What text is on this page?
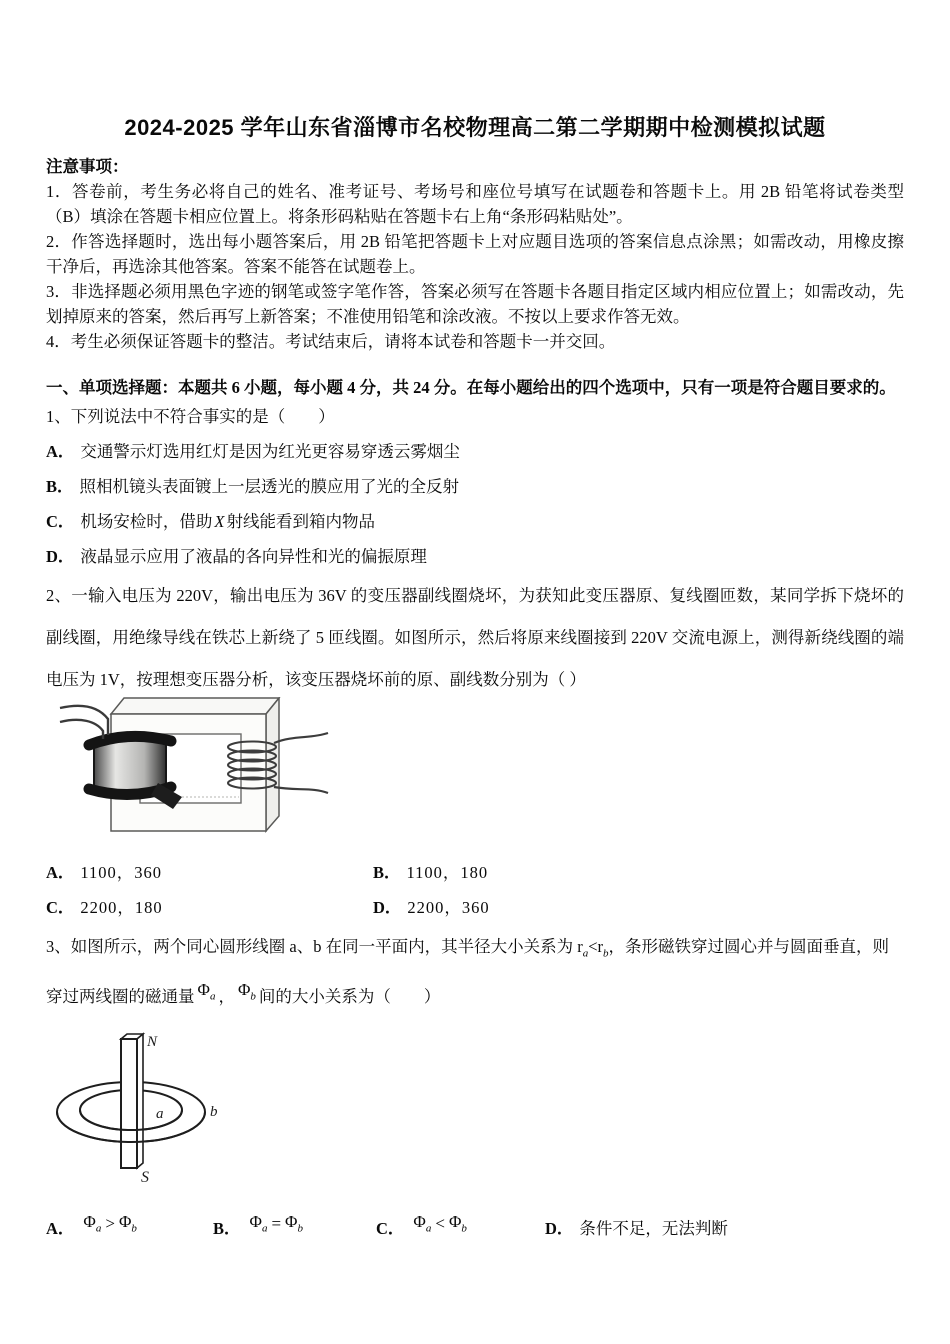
2024-2025 学年山东省淄博市名校物理高二第二学期期中检测模拟试题

注意事项：

1．答卷前，考生务必将自己的姓名、准考证号、考场号和座位号填写在试题卷和答题卡上。用 2B 铅笔将试卷类型（B）填涂在答题卡相应位置上。将条形码粘贴在答题卡右上角“条形码粘贴处”。

2．作答选择题时，选出每小题答案后，用 2B 铅笔把答题卡上对应题目选项的答案信息点涂黑；如需改动，用橡皮擦干净后，再选涂其他答案。答案不能答在试题卷上。

3．非选择题必须用黑色字迹的钢笔或签字笔作答，答案必须写在答题卡各题目指定区域内相应位置上；如需改动，先划掉原来的答案，然后再写上新答案；不准使用铅笔和涂改液。不按以上要求作答无效。

4．考生必须保证答题卡的整洁。考试结束后，请将本试卷和答题卡一并交回。

一、单项选择题：本题共 6 小题，每小题 4 分，共 24 分。在每小题给出的四个选项中，只有一项是符合题目要求的。

1、下列说法中不符合事实的是（　　）

A． 交通警示灯选用红灯是因为红光更容易穿透云雾烟尘

B． 照相机镜头表面镀上一层透光的膜应用了光的全反射

C． 机场安检时，借助 X 射线能看到箱内物品

D． 液晶显示应用了液晶的各向异性和光的偏振原理

2、一输入电压为 220V，输出电压为 36V 的变压器副线圈烧坏，为获知此变压器原、复线圈匝数，某同学拆下烧坏的副线圈，用绝缘导线在铁芯上新绕了 5 匝线圈。如图所示，然后将原来线圈接到 220V 交流电源上，测得新绕线圈的端电压为 1V，按理想变压器分析，该变压器烧坏前的原、副线数分别为（ ）

A． 1100，360	B． 1100，180
C． 2200，180	D． 2200，360

3、如图所示，两个同心圆形线圈 a、b 在同一平面内，其半径大小关系为 $r_a<r_b$，条形磁铁穿过圆心并与圆面垂直，则

穿过两线圈的磁通量 $\Phi_a$ ， $\Phi_b$ 间的大小关系为（　　）

N
S
a	b
A． $\Phi_a > \Phi_b$	B． $\Phi_a = \Phi_b$	C． $\Phi_a < \Phi_b$	D． 条件不足，无法判断
